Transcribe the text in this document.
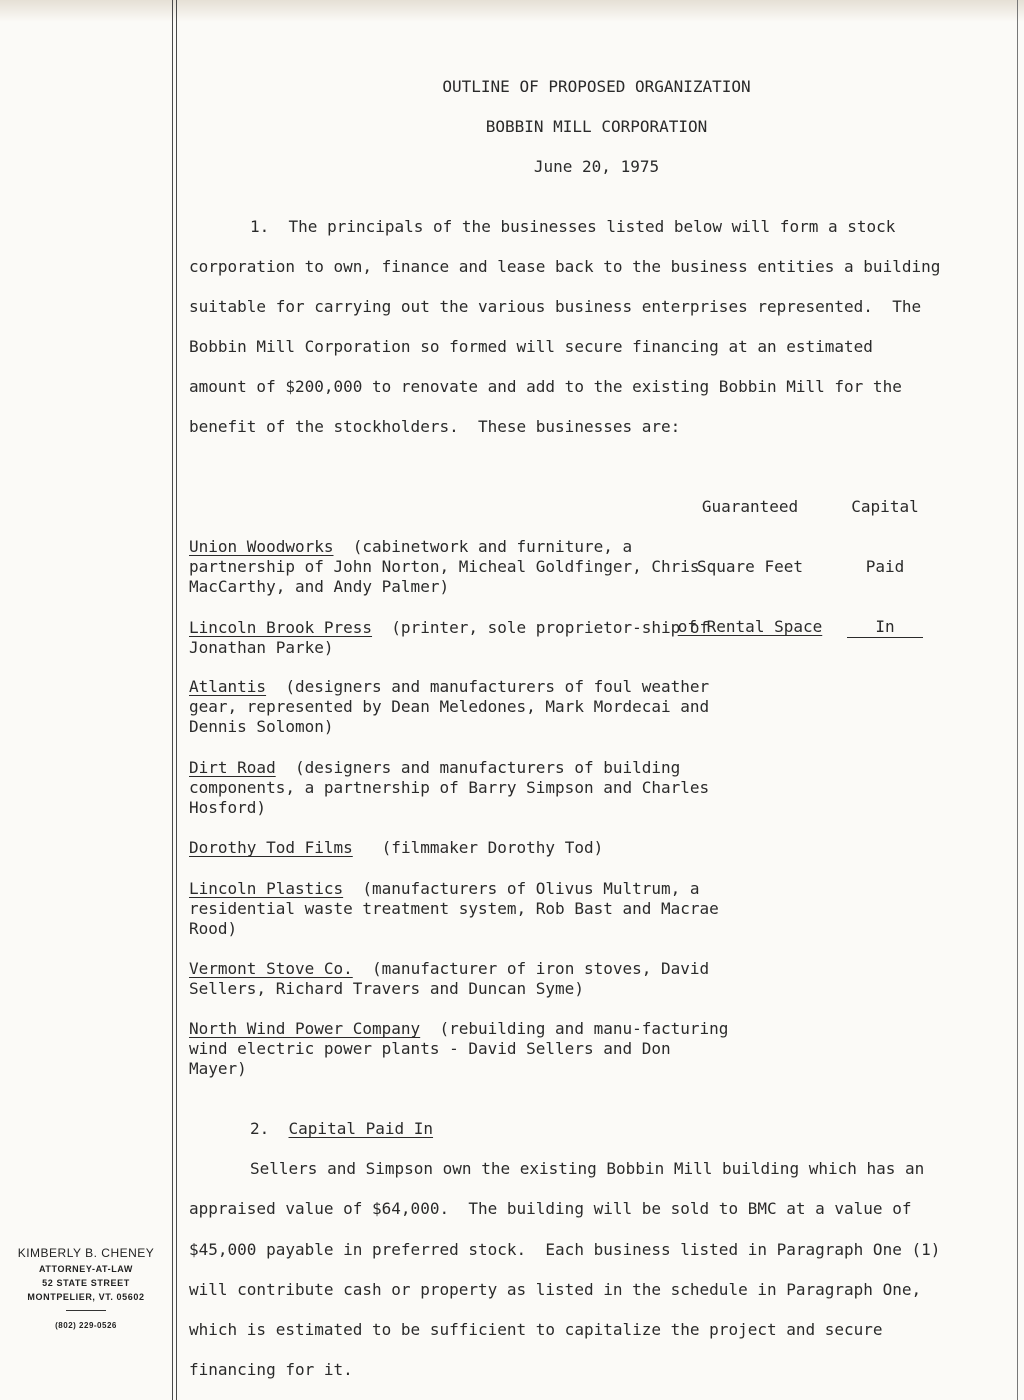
OUTLINE OF PROPOSED ORGANIZATION
BOBBIN MILL CORPORATION
June 20, 1975
1.  The principals of the businesses listed below will form a stock
corporation to own, finance and lease back to the business entities a building
suitable for carrying out the various business enterprises represented.  The
Bobbin Mill Corporation so formed will secure financing at an estimated
amount of $200,000 to renovate and add to the existing Bobbin Mill for the
benefit of the stockholders.  These businesses are:

Guaranteed

Square Feet

of Rental Space

Capital

Paid

In

Union Woodworks (cabinetwork and furniture, a partnership of John Norton, Micheal Goldfinger, Chris MacCarthy, and Andy Palmer)
Lincoln Brook Press (printer, sole proprietor-ship of Jonathan Parke)
Atlantis (designers and manufacturers of foul weather gear, represented by Dean Meledones, Mark Mordecai and Dennis Solomon)
Dirt Road (designers and manufacturers of building components, a partnership of Barry Simpson and Charles Hosford)
Dorothy Tod Films (filmmaker Dorothy Tod)
Lincoln Plastics (manufacturers of Olivus Multrum, a residential waste treatment system, Rob Bast and Macrae Rood)
Vermont Stove Co. (manufacturer of iron stoves, David Sellers, Richard Travers and Duncan Syme)
North Wind Power Company (rebuilding and manu-facturing wind electric power plants - David Sellers and Don Mayer)
2. Capital Paid In
Sellers and Simpson own the existing Bobbin Mill building which has an
appraised value of $64,000.  The building will be sold to BMC at a value of
$45,000 payable in preferred stock.  Each business listed in Paragraph One (1)
will contribute cash or property as listed in the schedule in Paragraph One,
which is estimated to be sufficient to capitalize the project and secure
financing for it.
KIMBERLY B. CHENEY
ATTORNEY-AT-LAW
52 STATE STREET
MONTPELIER, VT. 05602
(802) 229-0526
